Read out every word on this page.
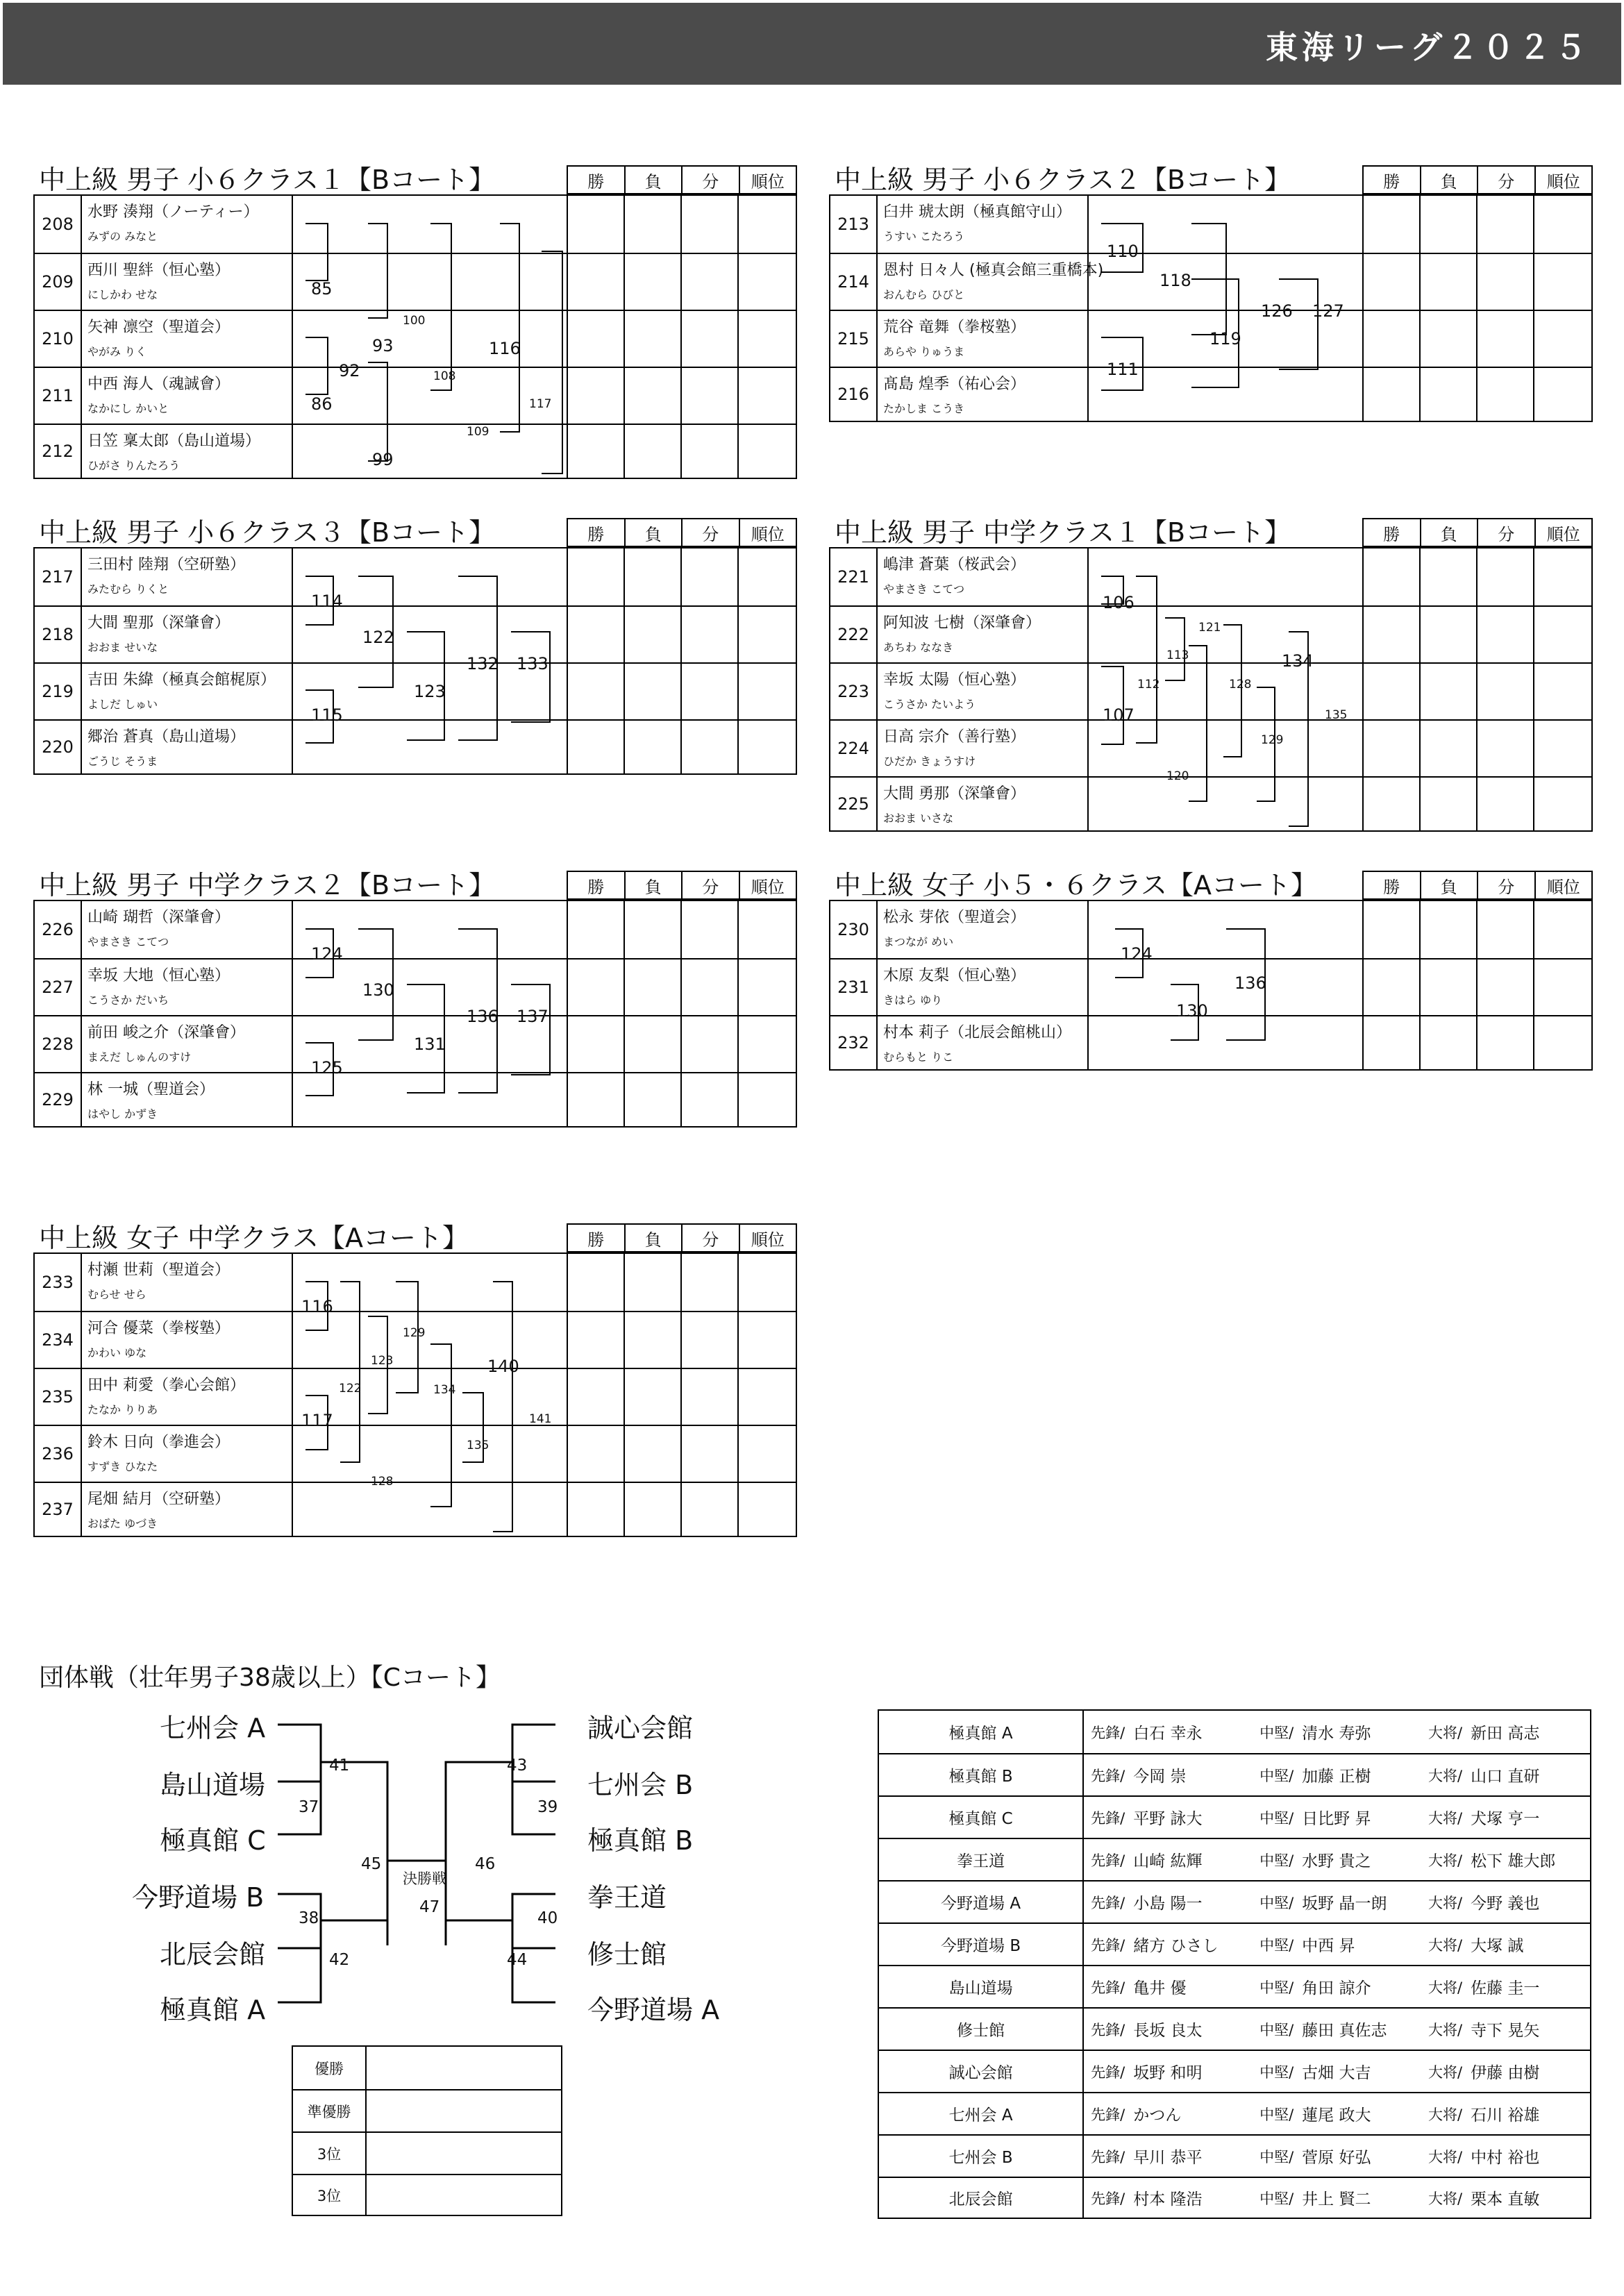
東海リーグ２０２５
中上級 男子 小６クラス１【Bコート】	勝	負	分	順位
208
水野 湊翔（ノーティー）
みずの みなと
209
西川 聖絆（恒心塾）
にしかわ せな
210
矢神 凛空（聖道会）
やがみ りく
211
中西 海人（魂誠會）
なかにし かいと
212
日笠 稟太郎（島山道場）
ひがさ りんたろう
85
86
92
93
99
100
108
109
116
117
中上級 男子 小６クラス２【Bコート】	勝	負	分	順位
213
臼井 琥太朗（極真館守山）
うすい こたろう
214
恩村 日々人 (極真会館三重橋本)
おんむら ひびと
215
荒谷 竜舞（拳桜塾）
あらや りゅうま
216
髙島 煌季（祐心会）
たかしま こうき
110
111
118
119
126 127
中上級 男子 小６クラス３【Bコート】	勝	負	分	順位
217
三田村 陸翔（空研塾）
みたむら りくと
218
大間 聖那（深肇會）
おおま せいな
219
吉田 朱緯（極真会館梶原）
よしだ しゅい
220
郷治 蒼真（島山道場）
ごうじ そうま
114
115
122
123
132 133
中上級 男子 中学クラス１【Bコート】	勝	負	分	順位
221
嶋津 蒼葉（桜武会）
やまさき こてつ
222
阿知波 七樹（深肇會）
あちわ ななき
223
幸坂 太陽（恒心塾）
こうさか たいよう
224
日高 宗介（善行塾）
ひだか きょうすけ
225
大間 勇那（深肇會）
おおま いさな
106
107
112
113
120
121
128
129
134
135
中上級 男子 中学クラス２【Bコート】	勝	負	分	順位
226
山崎 瑚哲（深肇會）
やまさき こてつ
227
幸坂 大地（恒心塾）
こうさか だいち
228
前田 峻之介（深肇會）
まえだ しゅんのすけ
229
林 一城（聖道会）
はやし かずき
124
125
130
131
136 137
中上級 女子 小５・６クラス【Aコート】	勝	負	分	順位
230
松永 芽依（聖道会）
まつなが めい
231
木原 友梨（恒心塾）
きはら ゆり
232
村本 莉子（北辰会館桃山）
むらもと りこ
124
130
136
中上級 女子 中学クラス【Aコート】	勝	負	分	順位
233
村瀬 世莉（聖道会）
むらせ せら
234
河合 優菜（拳桜塾）
かわい ゆな
235
田中 莉愛（拳心会館）
たなか りりあ
236
鈴木 日向（拳進会）
すずき ひなた
237
尾畑 結月（空研塾）
おばた ゆづき
116
117
122
123
128
129
134
135
140
141
団体戦（壮年男子38歳以上）【Cコート】
七州会 A
島山道場
極真館 C
今野道場 B
北辰会館
極真館 A
誠心会館
七州会 B
極真館 B
拳王道
修士館
今野道場 A
41
37
45
38
42
43
39
46
40
44
決勝戦
47
優勝
準優勝
3位
3位
極真館 A	先鋒/ 白石 幸永	中堅/ 清水 寿弥	大将/ 新田 高志
極真館 B	先鋒/ 今岡 崇	中堅/ 加藤 正樹	大将/ 山口 直研
極真館 C	先鋒/ 平野 詠大	中堅/ 日比野 昇	大将/ 犬塚 亨一
拳王道	先鋒/ 山崎 紘輝	中堅/ 水野 貴之	大将/ 松下 雄大郎
今野道場 A	先鋒/ 小島 陽一	中堅/ 坂野 晶一朗	大将/ 今野 義也
今野道場 B	先鋒/ 緒方 ひさし	中堅/ 中西 昇	大将/ 大塚 誠
島山道場	先鋒/ 亀井 優	中堅/ 角田 諒介	大将/ 佐藤 圭一
修士館	先鋒/ 長坂 良太	中堅/ 藤田 真佐志	大将/ 寺下 晃矢
誠心会館	先鋒/ 坂野 和明	中堅/ 古畑 大吉	大将/ 伊藤 由樹
七州会 A	先鋒/ かつん	中堅/ 蓮尾 政大	大将/ 石川 裕雄
七州会 B	先鋒/ 早川 恭平	中堅/ 菅原 好弘	大将/ 中村 裕也
北辰会館	先鋒/ 村本 隆浩	中堅/ 井上 賢二	大将/ 栗本 直敏
